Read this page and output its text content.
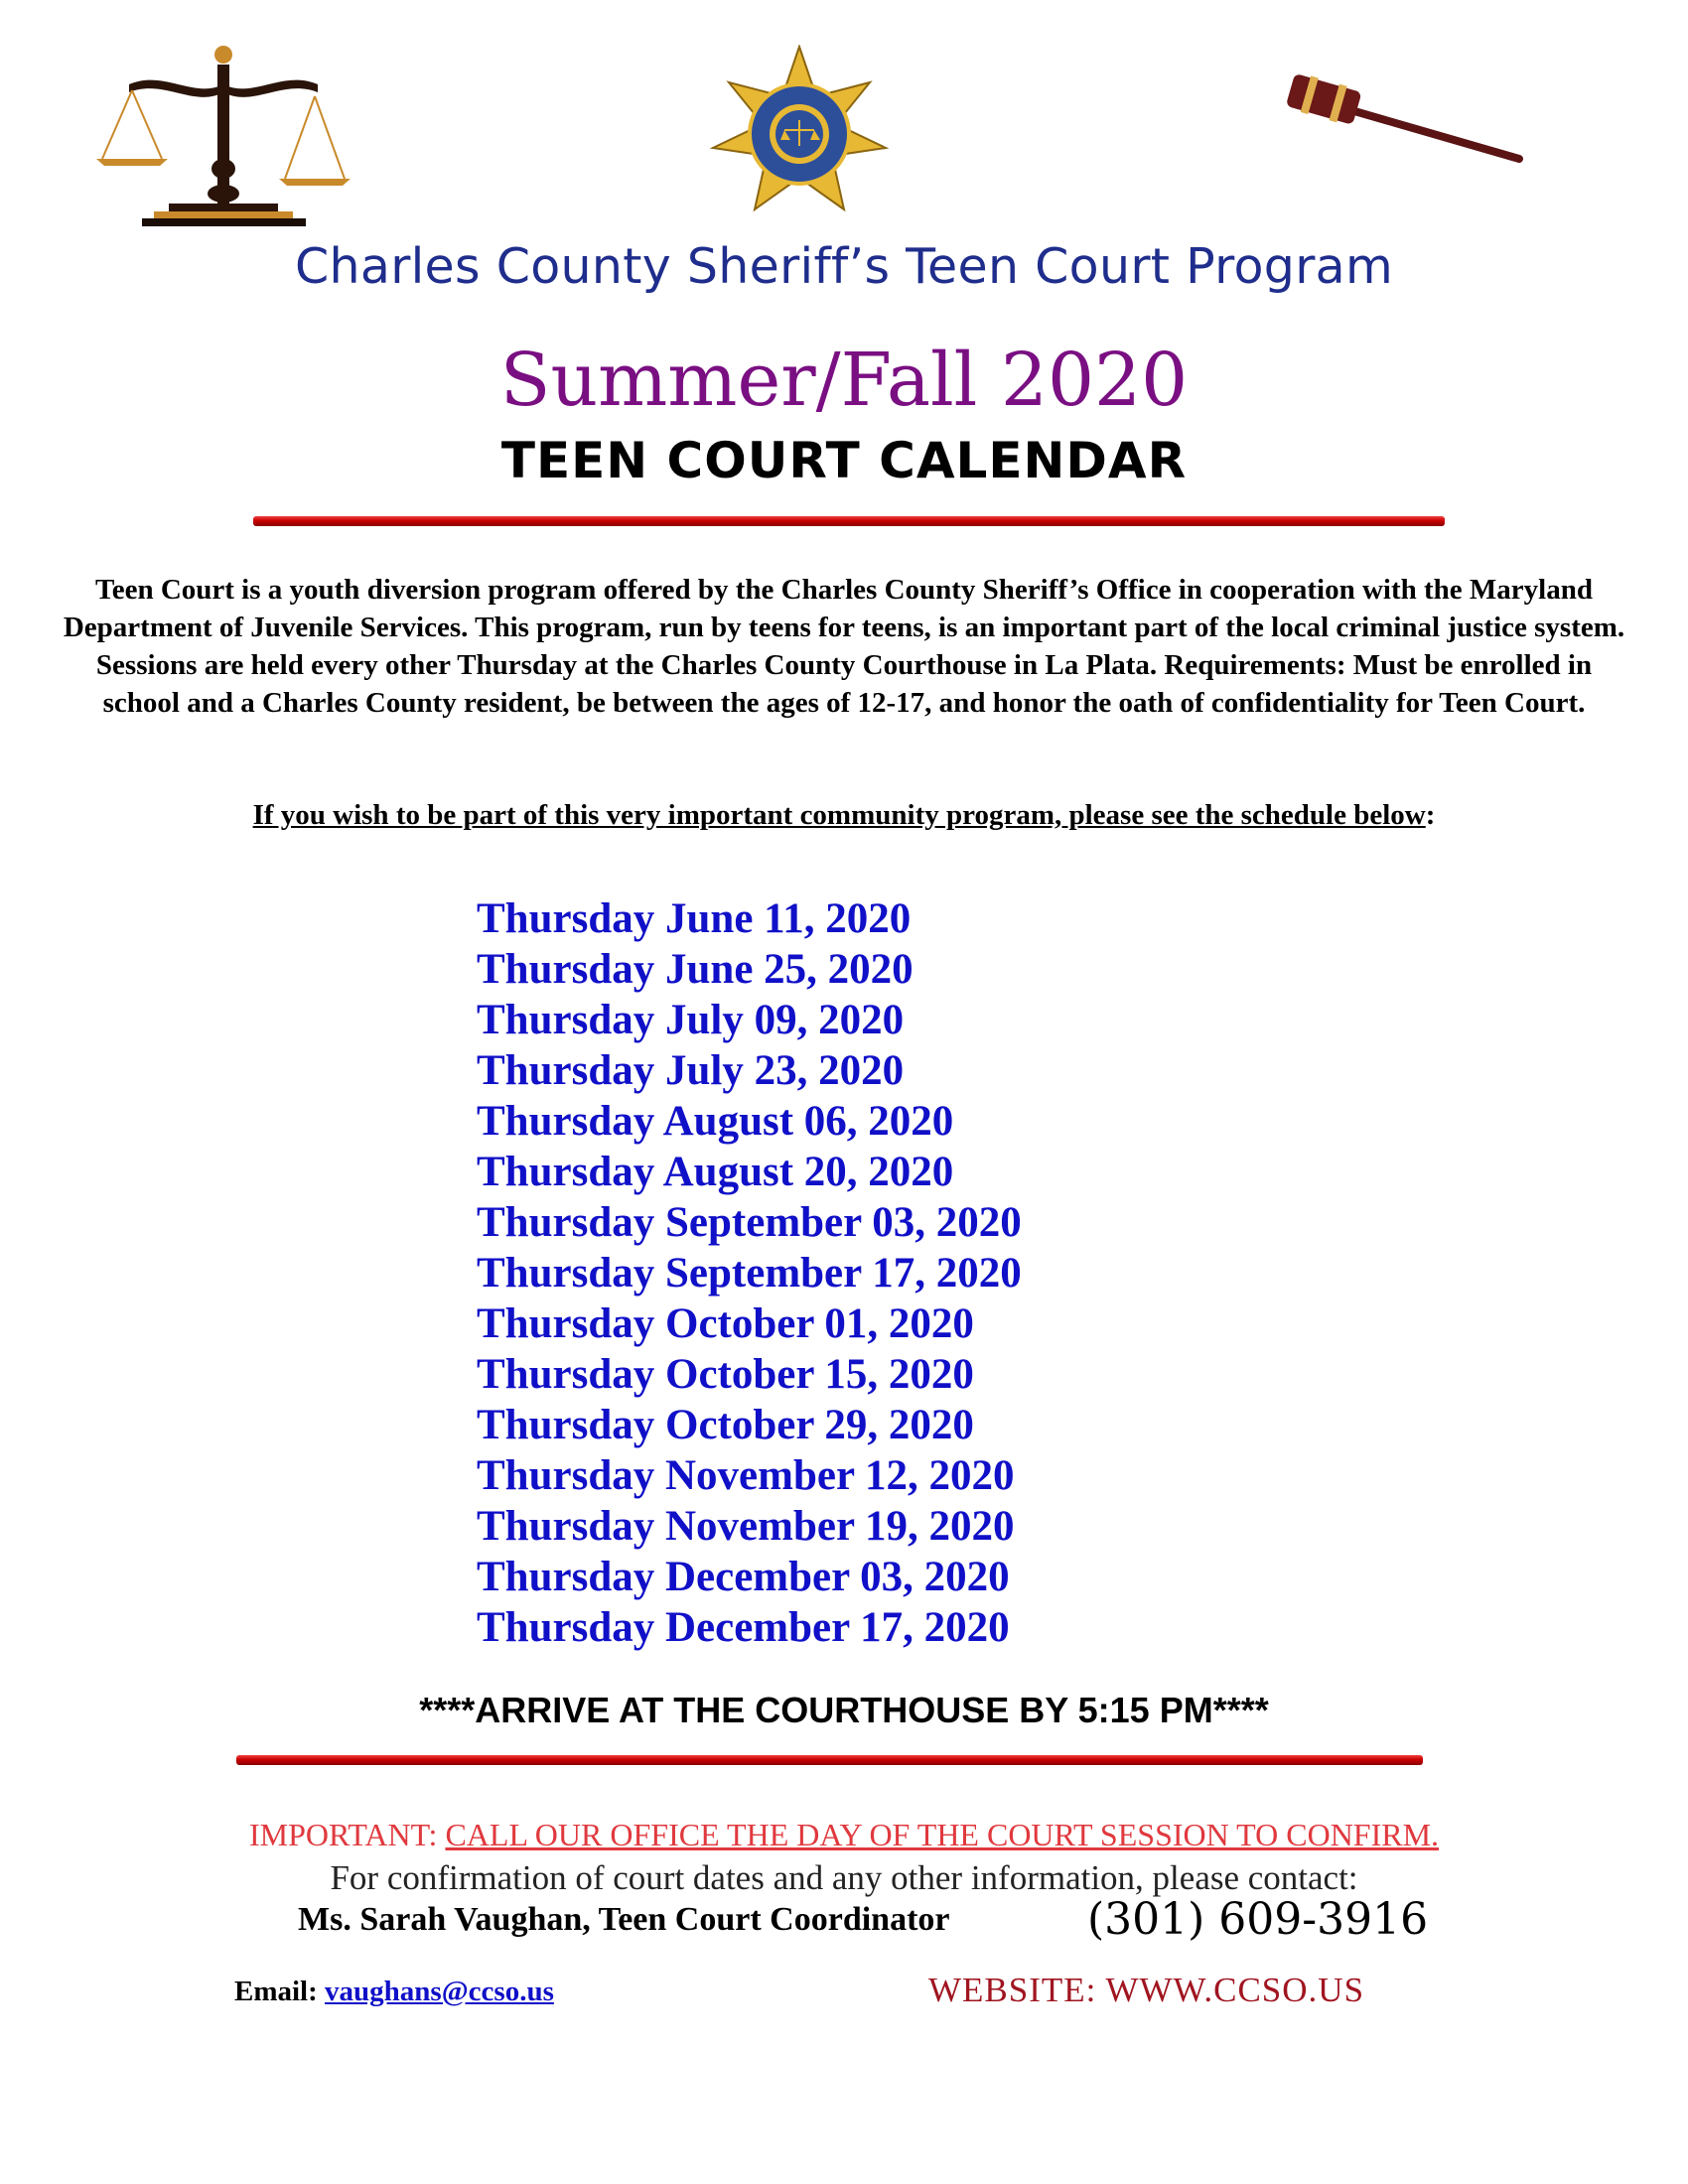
Charles County Sheriff’s Teen Court Program
Summer/Fall 2020
TEEN COURT CALENDAR
Teen Court is a youth diversion program offered by the Charles County Sheriff’s Office in cooperation with the Maryland Department of Juvenile Services. This program, run by teens for teens, is an important part of the local criminal justice system. Sessions are held every other Thursday at the Charles County Courthouse in La Plata. Requirements: Must be enrolled in school and a Charles County resident, be between the ages of 12-17, and honor the oath of confidentiality for Teen Court.
If you wish to be part of this very important community program, please see the schedule below:
Thursday June 11, 2020
Thursday June 25, 2020
Thursday July 09, 2020
Thursday July 23, 2020
Thursday August 06, 2020
Thursday August 20, 2020
Thursday September 03, 2020
Thursday September 17, 2020
Thursday October 01, 2020
Thursday October 15, 2020
Thursday October 29, 2020
Thursday November 12, 2020
Thursday November 19, 2020
Thursday December 03, 2020
Thursday December 17, 2020
****ARRIVE AT THE COURTHOUSE BY 5:15 PM****
IMPORTANT: CALL OUR OFFICE THE DAY OF THE COURT SESSION TO CONFIRM.
For confirmation of court dates and any other information, please contact:
Ms. Sarah Vaughan, Teen Court Coordinator	(301) 609-3916
Email: vaughans@ccso.us	WEBSITE: WWW.CCSO.US
